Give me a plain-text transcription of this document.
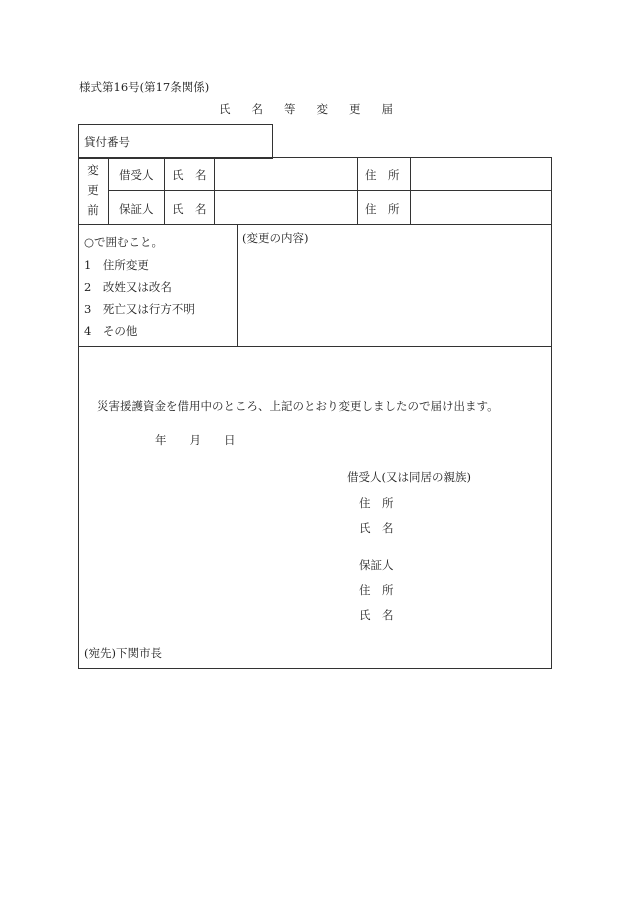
様式第16号(第17条関係)
氏 名 等 変 更 届
貸付番号
変
更
前
借受人 氏　名	住　所
保証人 氏　名	住　所
○で囲むこと。
1　住所変更
2　改姓又は改名
3　死亡又は行方不明
4　その他
(変更の内容)
災害援護資金を借用中のところ、上記のとおり変更しましたので届け出ます。
年　　月　　日
借受人(又は同居の親族)
住　所
氏　名
保証人
住　所
氏　名
(宛先)下関市長
